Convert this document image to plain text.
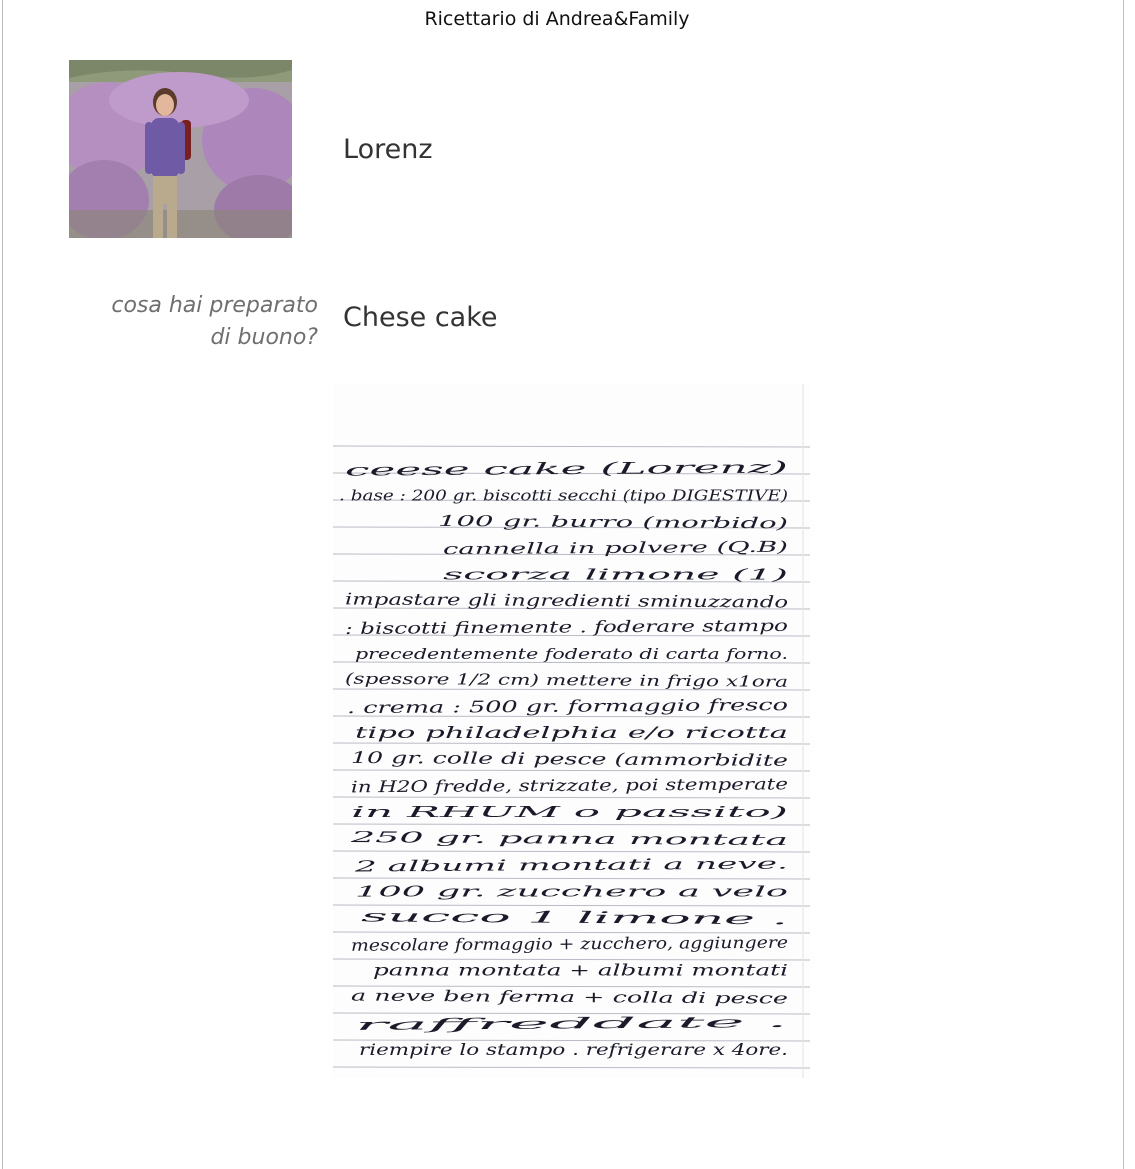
Ricettario di Andrea&Family
Lorenz
cosa hai preparato
di buono?
Chese cake
ceese cake (Lorenz)
. base : 200 gr. biscotti secchi (tipo DIGESTIVE)
100 gr. burro (morbido)
cannella in polvere (Q.B)
scorza limone (1)
impastare gli ingredienti sminuzzando
: biscotti finemente . foderare stampo
precedentemente foderato di carta forno.
(spessore 1/2 cm) mettere in frigo x1ora
. crema : 500 gr. formaggio fresco
tipo philadelphia e/o ricotta
10 gr. colle di pesce (ammorbidite
in H2O fredde, strizzate, poi stemperate
in RHUM o passito)
250 gr. panna montata
2 albumi montati a neve.
100 gr. zucchero a velo
succo 1 limone .
mescolare formaggio + zucchero, aggiungere
panna montata + albumi montati
a neve ben ferma + colla di pesce
raffreddate .
riempire lo stampo . refrigerare x 4ore.
